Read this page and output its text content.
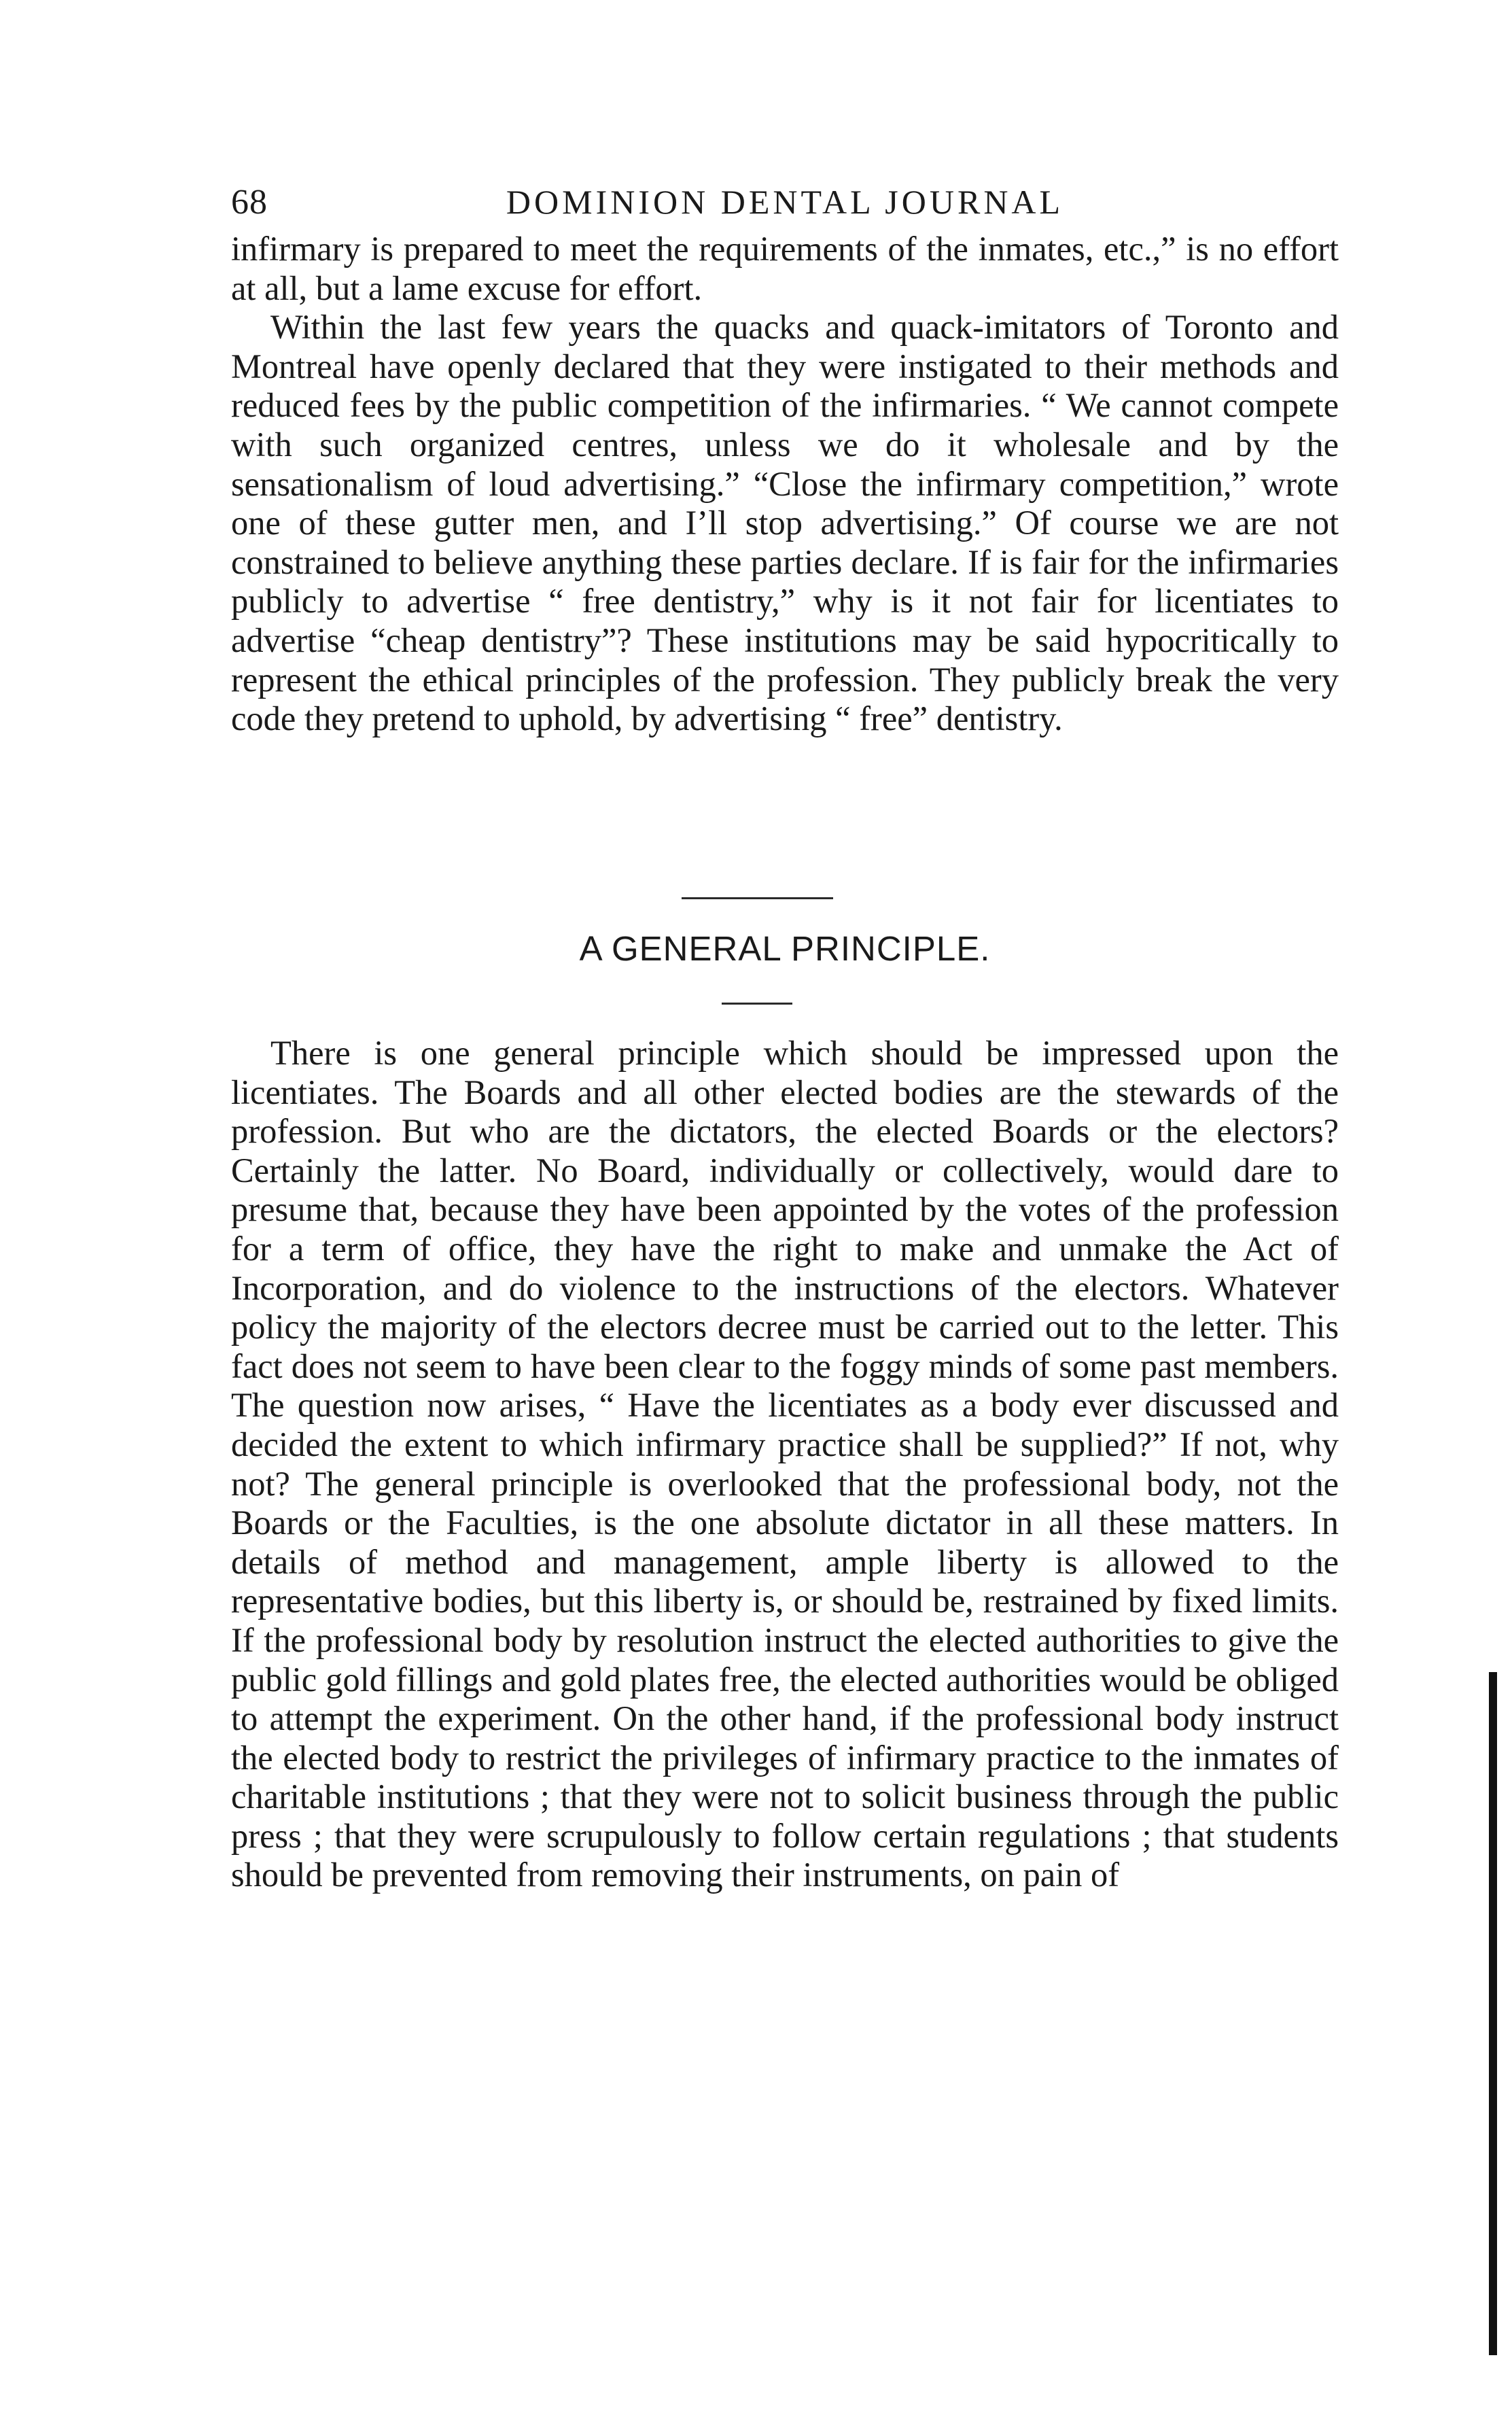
68	DOMINION DENTAL JOURNAL

infirmary is prepared to meet the requirements of the inmates, etc.,” is no effort at all, but a lame excuse for effort.

Within the last few years the quacks and quack-imitators of Toronto and Montreal have openly declared that they were instigated to their methods and reduced fees by the public competition of the infirmaries. “ We cannot compete with such organized centres, unless we do it wholesale and by the sensationalism of loud advertising.” “Close the infirmary competition,” wrote one of these gutter men, and I’ll stop advertising.” Of course we are not constrained to believe anything these parties declare. If is fair for the infirmaries publicly to advertise “ free dentistry,” why is it not fair for licentiates to advertise “cheap dentistry”? These institutions may be said hypocritically to represent the ethical principles of the profession. They publicly break the very code they pretend to uphold, by advertising “ free” dentistry.

A GENERAL PRINCIPLE.

There is one general principle which should be impressed upon the licentiates. The Boards and all other elected bodies are the stewards of the profession. But who are the dictators, the elected Boards or the electors? Certainly the latter. No Board, individually or collectively, would dare to presume that, because they have been appointed by the votes of the profession for a term of office, they have the right to make and unmake the Act of Incorporation, and do violence to the instructions of the electors. Whatever policy the majority of the electors decree must be carried out to the letter. This fact does not seem to have been clear to the foggy minds of some past members. The question now arises, “ Have the licentiates as a body ever discussed and decided the extent to which infirmary practice shall be supplied?” If not, why not? The general principle is overlooked that the professional body, not the Boards or the Faculties, is the one absolute dictator in all these matters. In details of method and management, ample liberty is allowed to the representative bodies, but this liberty is, or should be, restrained by fixed limits. If the professional body by resolution instruct the elected authorities to give the public gold fillings and gold plates free, the elected authorities would be obliged to attempt the experiment. On the other hand, if the professional body instruct the elected body to restrict the privileges of infirmary practice to the inmates of charitable institutions ; that they were not to solicit business through the public press ; that they were scrupulously to follow certain regulations ; that students should be prevented from removing their instruments, on pain of
